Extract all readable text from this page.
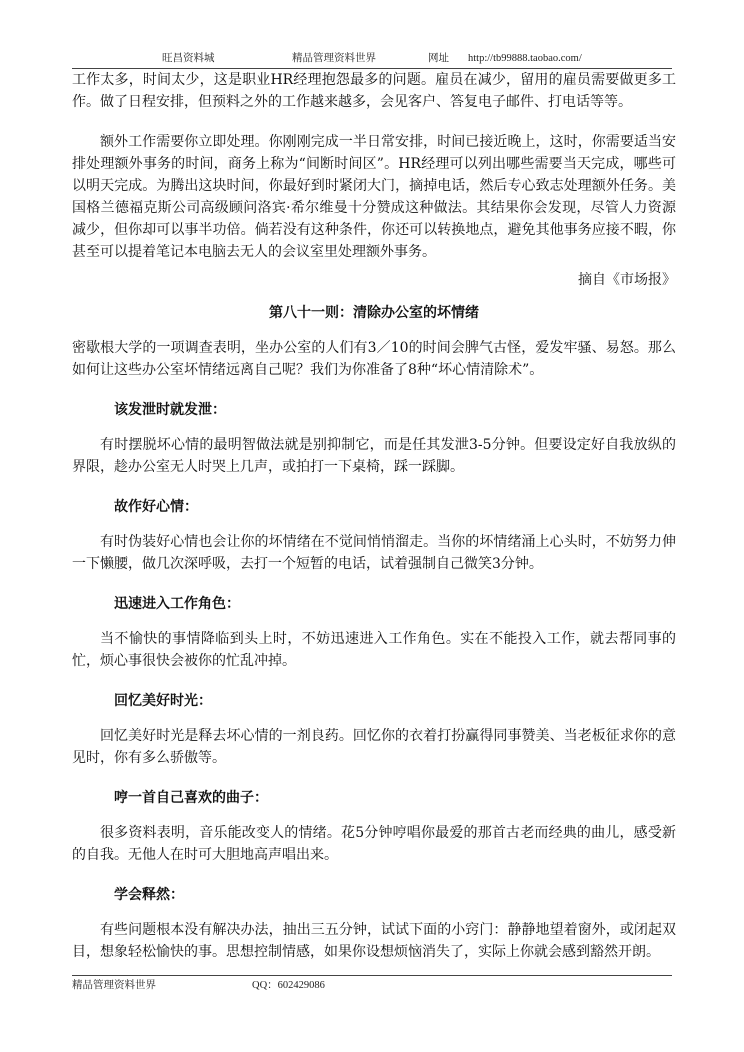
旺昌资料城	精品管理资料世界	网址 http://tb99888.taobao.com/

工作太多，时间太少，这是职业HR经理抱怨最多的问题。雇员在减少，留用的雇员需要做更多工作。做了日程安排，但预料之外的工作越来越多，会见客户、答复电子邮件、打电话等等。

额外工作需要你立即处理。你刚刚完成一半日常安排，时间已接近晚上，这时，你需要适当安排处理额外事务的时间，商务上称为“间断时间区”。HR经理可以列出哪些需要当天完成，哪些可以明天完成。为腾出这块时间，你最好到时紧闭大门，摘掉电话，然后专心致志处理额外任务。美国格兰德福克斯公司高级顾问洛宾·希尔维曼十分赞成这种做法。其结果你会发现，尽管人力资源减少，但你却可以事半功倍。倘若没有这种条件，你还可以转换地点，避免其他事务应接不暇，你甚至可以提着笔记本电脑去无人的会议室里处理额外事务。

摘自《市场报》

第八十一则：清除办公室的坏情绪

密歇根大学的一项调查表明，坐办公室的人们有3／10的时间会脾气古怪，爱发牢骚、易怒。那么如何让这些办公室坏情绪远离自己呢？我们为你准备了8种“坏心情清除术”。

该发泄时就发泄：

有时摆脱坏心情的最明智做法就是别抑制它，而是任其发泄3-5分钟。但要设定好自我放纵的界限，趁办公室无人时哭上几声，或拍打一下桌椅，踩一踩脚。

故作好心情：

有时伪装好心情也会让你的坏情绪在不觉间悄悄溜走。当你的坏情绪涌上心头时，不妨努力伸一下懒腰，做几次深呼吸，去打一个短暂的电话，试着强制自己微笑3分钟。

迅速进入工作角色：

当不愉快的事情降临到头上时，不妨迅速进入工作角色。实在不能投入工作，就去帮同事的忙，烦心事很快会被你的忙乱冲掉。

回忆美好时光：

回忆美好时光是释去坏心情的一剂良药。回忆你的衣着打扮赢得同事赞美、当老板征求你的意见时，你有多么骄傲等。

哼一首自己喜欢的曲子：

很多资料表明，音乐能改变人的情绪。花5分钟哼唱你最爱的那首古老而经典的曲儿，感受新的自我。无他人在时可大胆地高声唱出来。

学会释然：

有些问题根本没有解决办法，抽出三五分钟，试试下面的小窍门：静静地望着窗外，或闭起双目，想象轻松愉快的事。思想控制情感，如果你设想烦恼消失了，实际上你就会感到豁然开朗。

精品管理资料世界	QQ：602429086
